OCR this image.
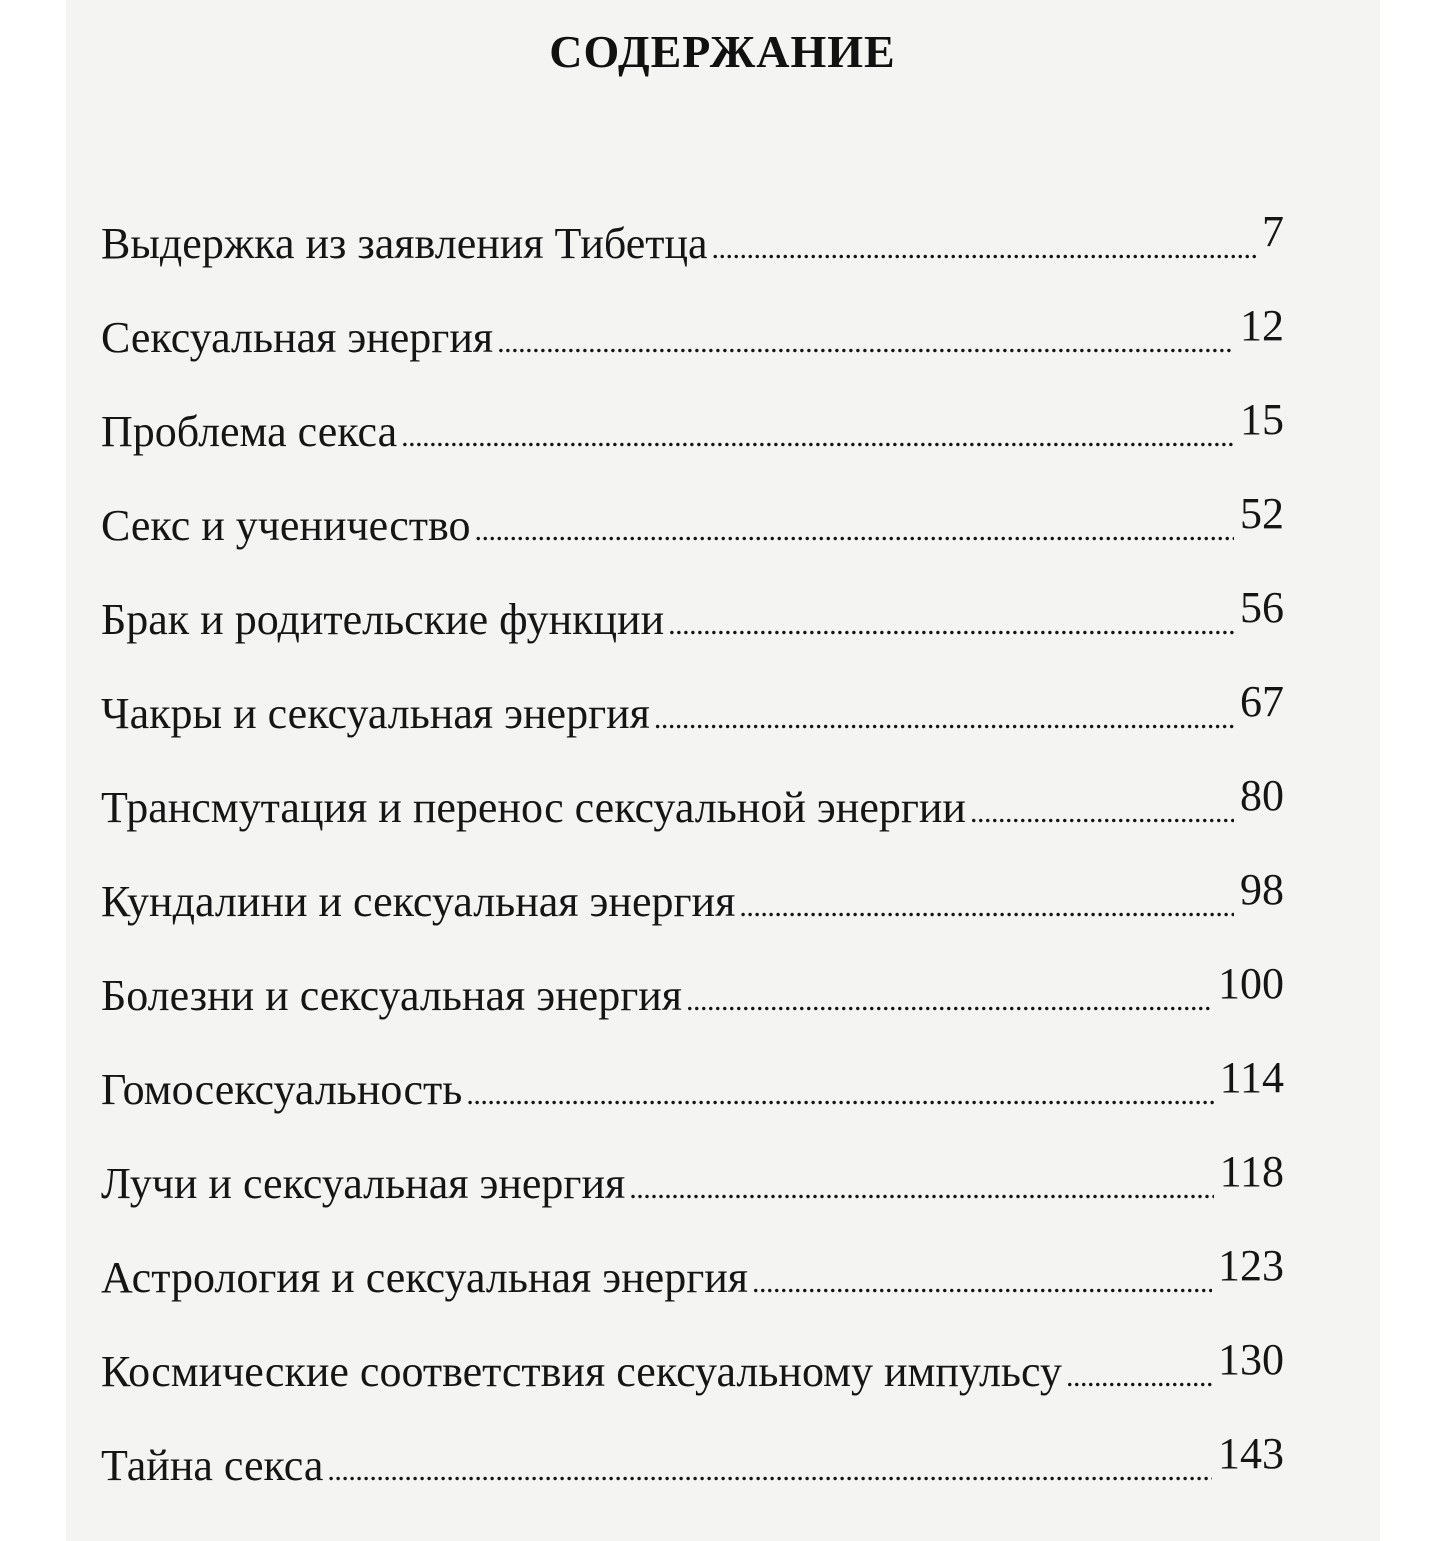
СОДЕРЖАНИЕ
Выдержка из заявления Тибетца . . .	7
Сексуальная энергия . . .	12
Проблема секса . . .	15
Секс и ученичество . . .	52
Брак и родительские функции . . .	56
Чакры и сексуальная энергия . . .	67
Трансмутация и перенос сексуальной энергии . . .	80
Кундалини и сексуальная энергия . . .	98
Болезни и сексуальная энергия . . .	100
Гомосексуальность . . .	114
Лучи и сексуальная энергия . . .	118
Астрология и сексуальная энергия . . .	123
Космические соответствия сексуальному импульсу . . .	130
Тайна секса . . .	143
